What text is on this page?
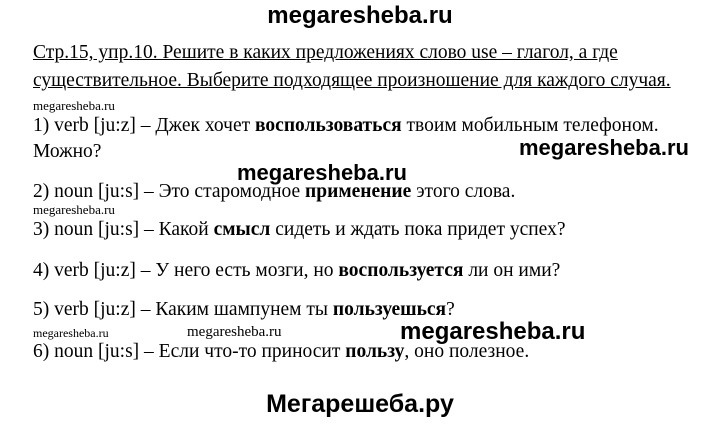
megaresheba.ru
Стр.15, упр.10. Решите в каких предложениях слово use – глагол, а где
существительное. Выберите подходящее произношение для каждого случая.
megaresheba.ru
1) verb [ju:z] – Джек хочет воспользоваться твоим мобильным телефоном.
Можно?	megaresheba.ru
megaresheba.ru
2) noun [ju:s] – Это старомодное применение этого слова.
megaresheba.ru
3) noun [ju:s] – Какой смысл сидеть и ждать пока придет успех?
4) verb [ju:z] – У него есть мозги, но воспользуется ли он ими?
5) verb [ju:z] – Каким шампунем ты пользуешься?
megaresheba.ru	megaresheba.ru	megaresheba.ru
6) noun [ju:s] – Если что-то приносит пользу, оно полезное.
Мегарешеба.ру
